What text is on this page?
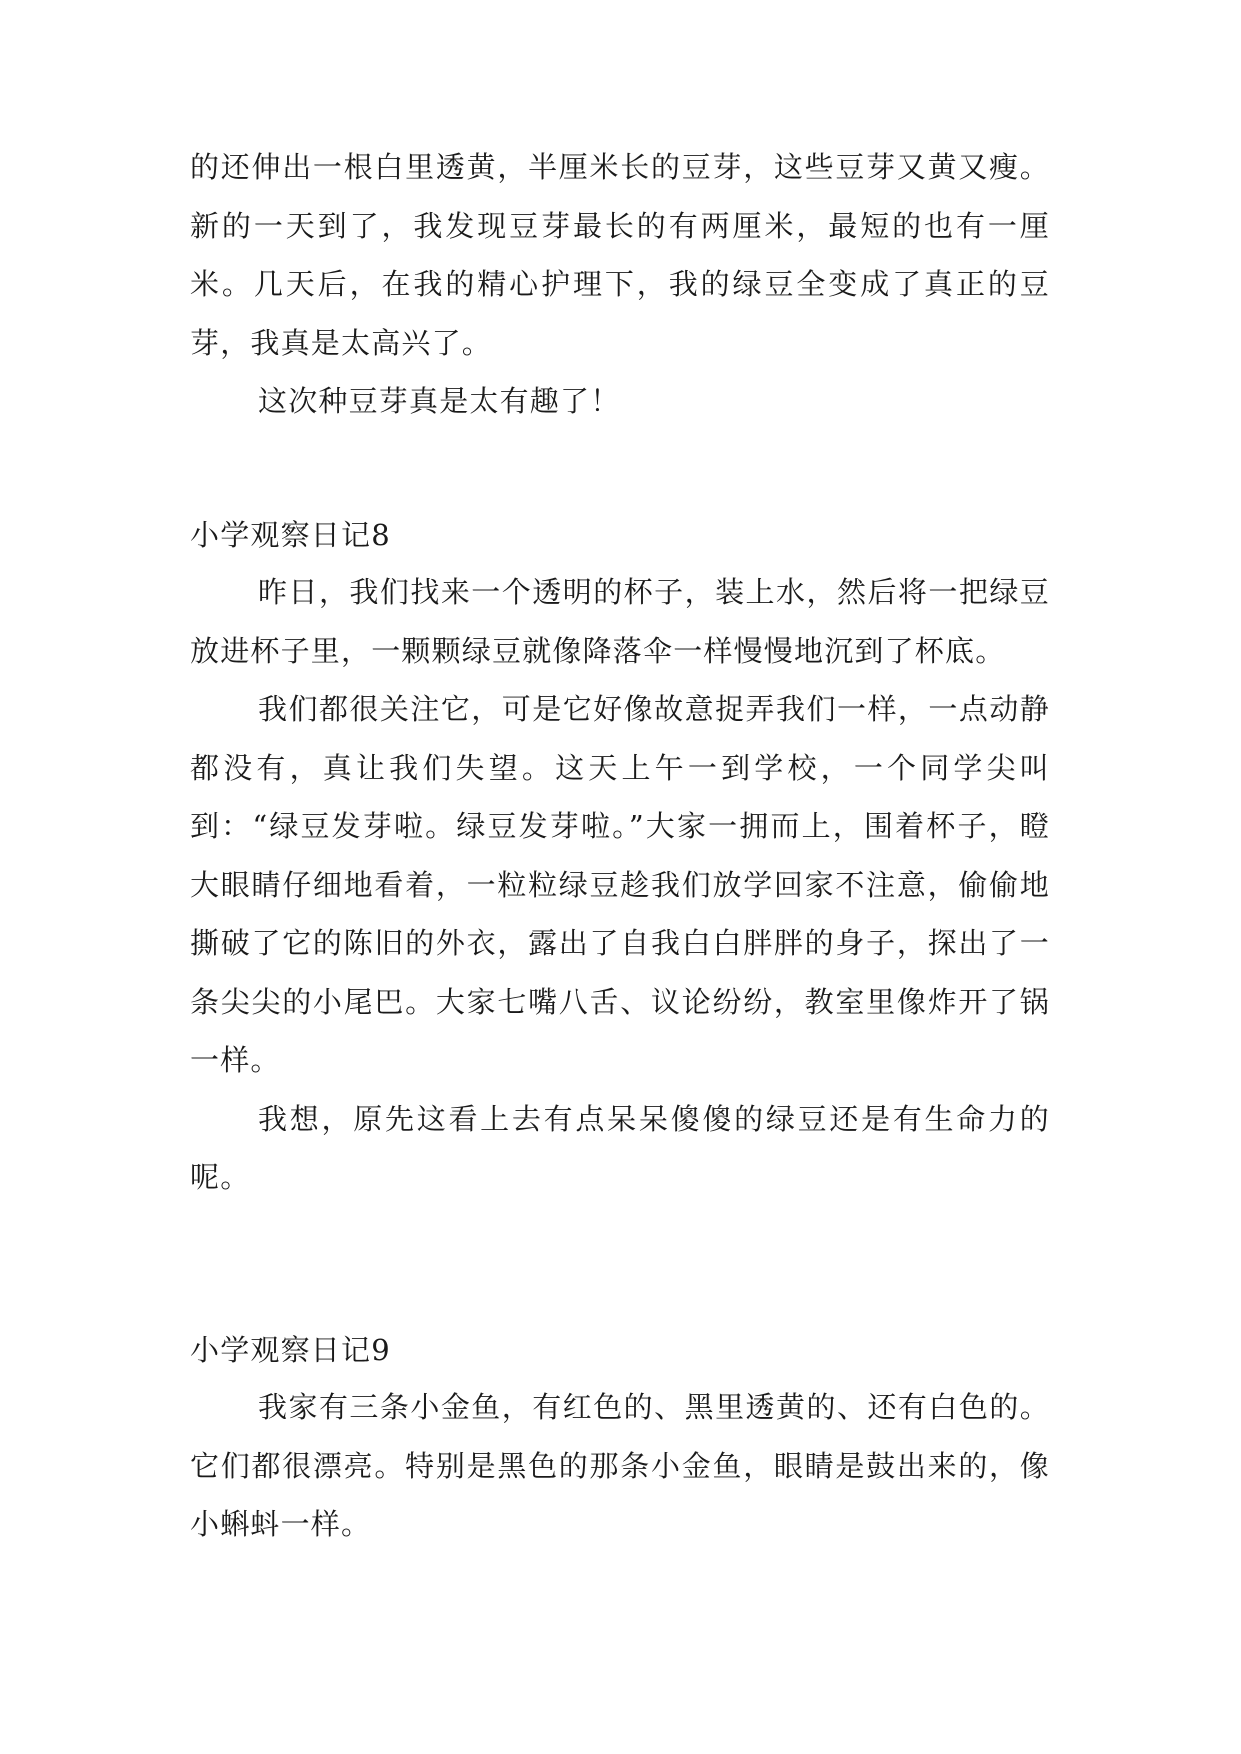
的还伸出一根白里透黄，半厘米长的豆芽，这些豆芽又黄又瘦。新的一天到了，我发现豆芽最长的有两厘米，最短的也有一厘米。几天后，在我的精心护理下，我的绿豆全变成了真正的豆芽，我真是太高兴了。

这次种豆芽真是太有趣了！

小学观察日记8

昨日，我们找来一个透明的杯子，装上水，然后将一把绿豆放进杯子里，一颗颗绿豆就像降落伞一样慢慢地沉到了杯底。

我们都很关注它，可是它好像故意捉弄我们一样，一点动静都没有，真让我们失望。这天上午一到学校，一个同学尖叫到：“绿豆发芽啦。绿豆发芽啦。”大家一拥而上，围着杯子，瞪大眼睛仔细地看着，一粒粒绿豆趁我们放学回家不注意，偷偷地撕破了它的陈旧的外衣，露出了自我白白胖胖的身子，探出了一条尖尖的小尾巴。大家七嘴八舌、议论纷纷，教室里像炸开了锅一样。

我想，原先这看上去有点呆呆傻傻的绿豆还是有生命力的呢。

小学观察日记9

我家有三条小金鱼，有红色的、黑里透黄的、还有白色的。它们都很漂亮。特别是黑色的那条小金鱼，眼睛是鼓出来的，像小蝌蚪一样。
